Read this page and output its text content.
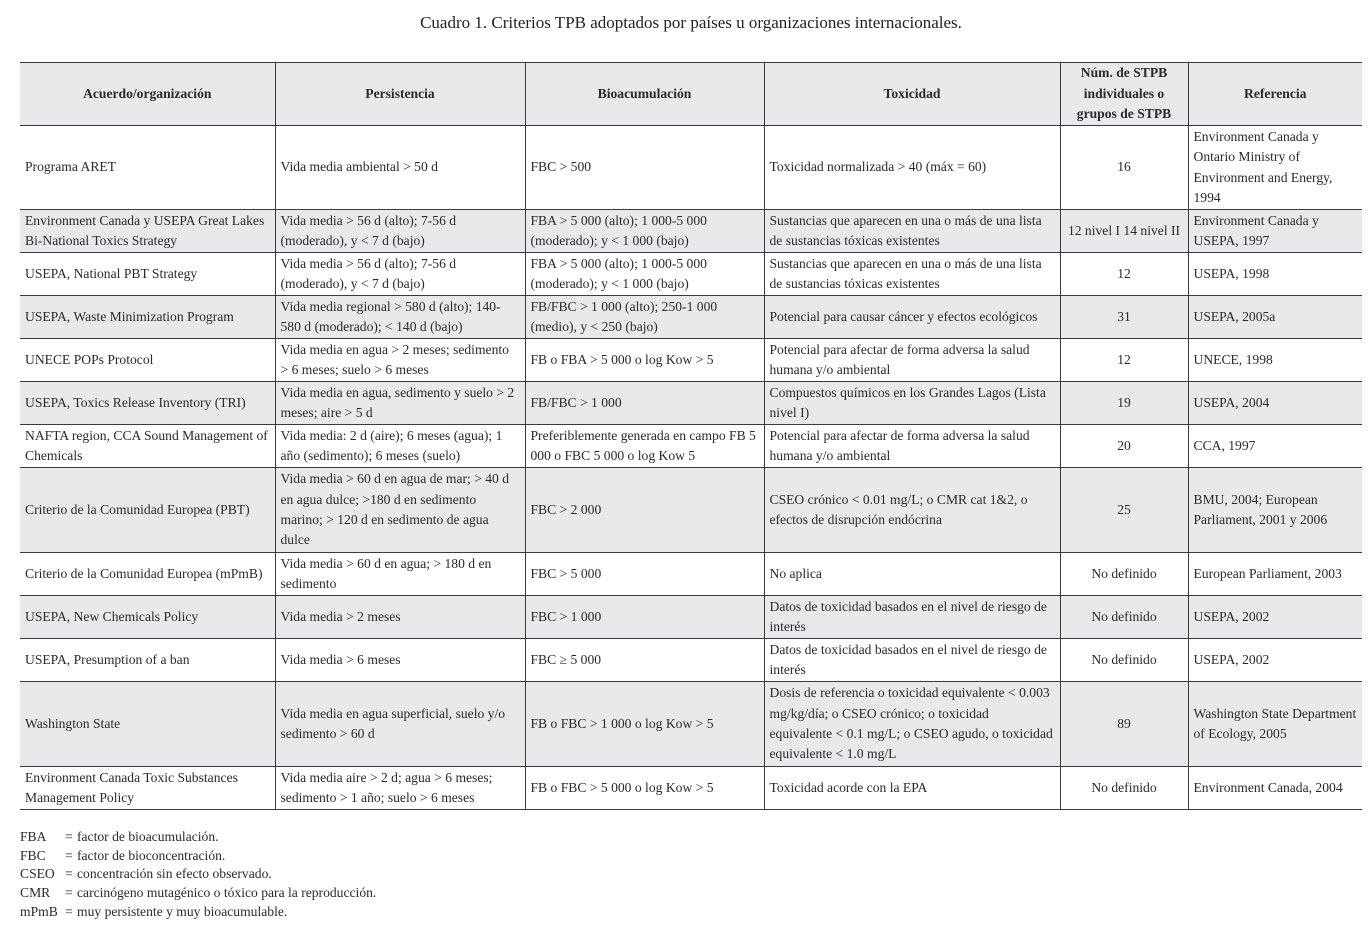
Cuadro 1. Criterios TPB adoptados por países u organizaciones internacionales.
Acuerdo/organización	Persistencia	Bioacumulación	Toxicidad	Núm. de STPB individuales o grupos de STPB	Referencia
Programa ARET	Vida media ambiental > 50 d	FBC > 500	Toxicidad normalizada > 40 (máx = 60)	16	Environment Canada y Ontario Ministry of Environment and Energy, 1994
Environment Canada y USEPA Great Lakes Bi-National Toxics Strategy	Vida media > 56 d (alto); 7-56 d (moderado), y < 7 d (bajo)	FBA > 5 000 (alto); 1 000-5 000 (moderado); y < 1 000 (bajo)	Sustancias que aparecen en una o más de una lista de sustancias tóxicas existentes	12 nivel I 14 nivel II	Environment Canada y USEPA, 1997
USEPA, National PBT Strategy	Vida media > 56 d (alto); 7-56 d (moderado), y < 7 d (bajo)	FBA > 5 000 (alto); 1 000-5 000 (moderado); y < 1 000 (bajo)	Sustancias que aparecen en una o más de una lista de sustancias tóxicas existentes	12	USEPA, 1998
USEPA, Waste Minimization Program	Vida media regional > 580 d (alto); 140-580 d (moderado); < 140 d (bajo)	FB/FBC > 1 000 (alto); 250-1 000 (medio), y < 250 (bajo)	Potencial para causar cáncer y efectos ecológicos	31	USEPA, 2005a
UNECE POPs Protocol	Vida media en agua > 2 meses; sedimento > 6 meses; suelo > 6 meses	FB o FBA > 5 000 o log Kow > 5	Potencial para afectar de forma adversa la salud humana y/o ambiental	12	UNECE, 1998
USEPA, Toxics Release Inventory (TRI)	Vida media en agua, sedimento y suelo > 2 meses; aire > 5 d	FB/FBC > 1 000	Compuestos químicos en los Grandes Lagos (Lista nivel I)	19	USEPA, 2004
NAFTA region, CCA Sound Management of Chemicals	Vida media: 2 d (aire); 6 meses (agua); 1 año (sedimento); 6 meses (suelo)	Preferiblemente generada en campo FB 5 000 o FBC 5 000 o log Kow 5	Potencial para afectar de forma adversa la salud humana y/o ambiental	20	CCA, 1997
Criterio de la Comunidad Europea (PBT)	Vida media > 60 d en agua de mar; > 40 d en agua dulce; >180 d en sedimento marino; > 120 d en sedimento de agua dulce	FBC > 2 000	CSEO crónico < 0.01 mg/L; o CMR cat 1&2, o efectos de disrupción endócrina	25	BMU, 2004; European Parliament, 2001 y 2006
Criterio de la Comunidad Europea (mPmB)	Vida media > 60 d en agua; > 180 d en sedimento	FBC > 5 000	No aplica	No definido	European Parliament, 2003
USEPA, New Chemicals Policy	Vida media > 2 meses	FBC > 1 000	Datos de toxicidad basados en el nivel de riesgo de interés	No definido	USEPA, 2002
USEPA, Presumption of a ban	Vida media > 6 meses	FBC ≥ 5 000	Datos de toxicidad basados en el nivel de riesgo de interés	No definido	USEPA, 2002
Washington State	Vida media en agua superficial, suelo y/o sedimento > 60 d	FB o FBC > 1 000 o log Kow > 5	Dosis de referencia o toxicidad equivalente < 0.003 mg/kg/día; o CSEO crónico; o toxicidad equivalente < 0.1 mg/L; o CSEO agudo, o toxicidad equivalente < 1.0 mg/L	89	Washington State Department of Ecology, 2005
Environment Canada Toxic Substances Management Policy	Vida media aire > 2 d; agua > 6 meses; sedimento > 1 año; suelo > 6 meses	FB o FBC > 5 000 o log Kow > 5	Toxicidad acorde con la EPA	No definido	Environment Canada, 2004
FBA	= factor de bioacumulación.
FBC	= factor de bioconcentración.
CSEO = concentración sin efecto observado.
CMR	= carcinógeno mutagénico o tóxico para la reproducción.
mPmB = muy persistente y muy bioacumulable.
